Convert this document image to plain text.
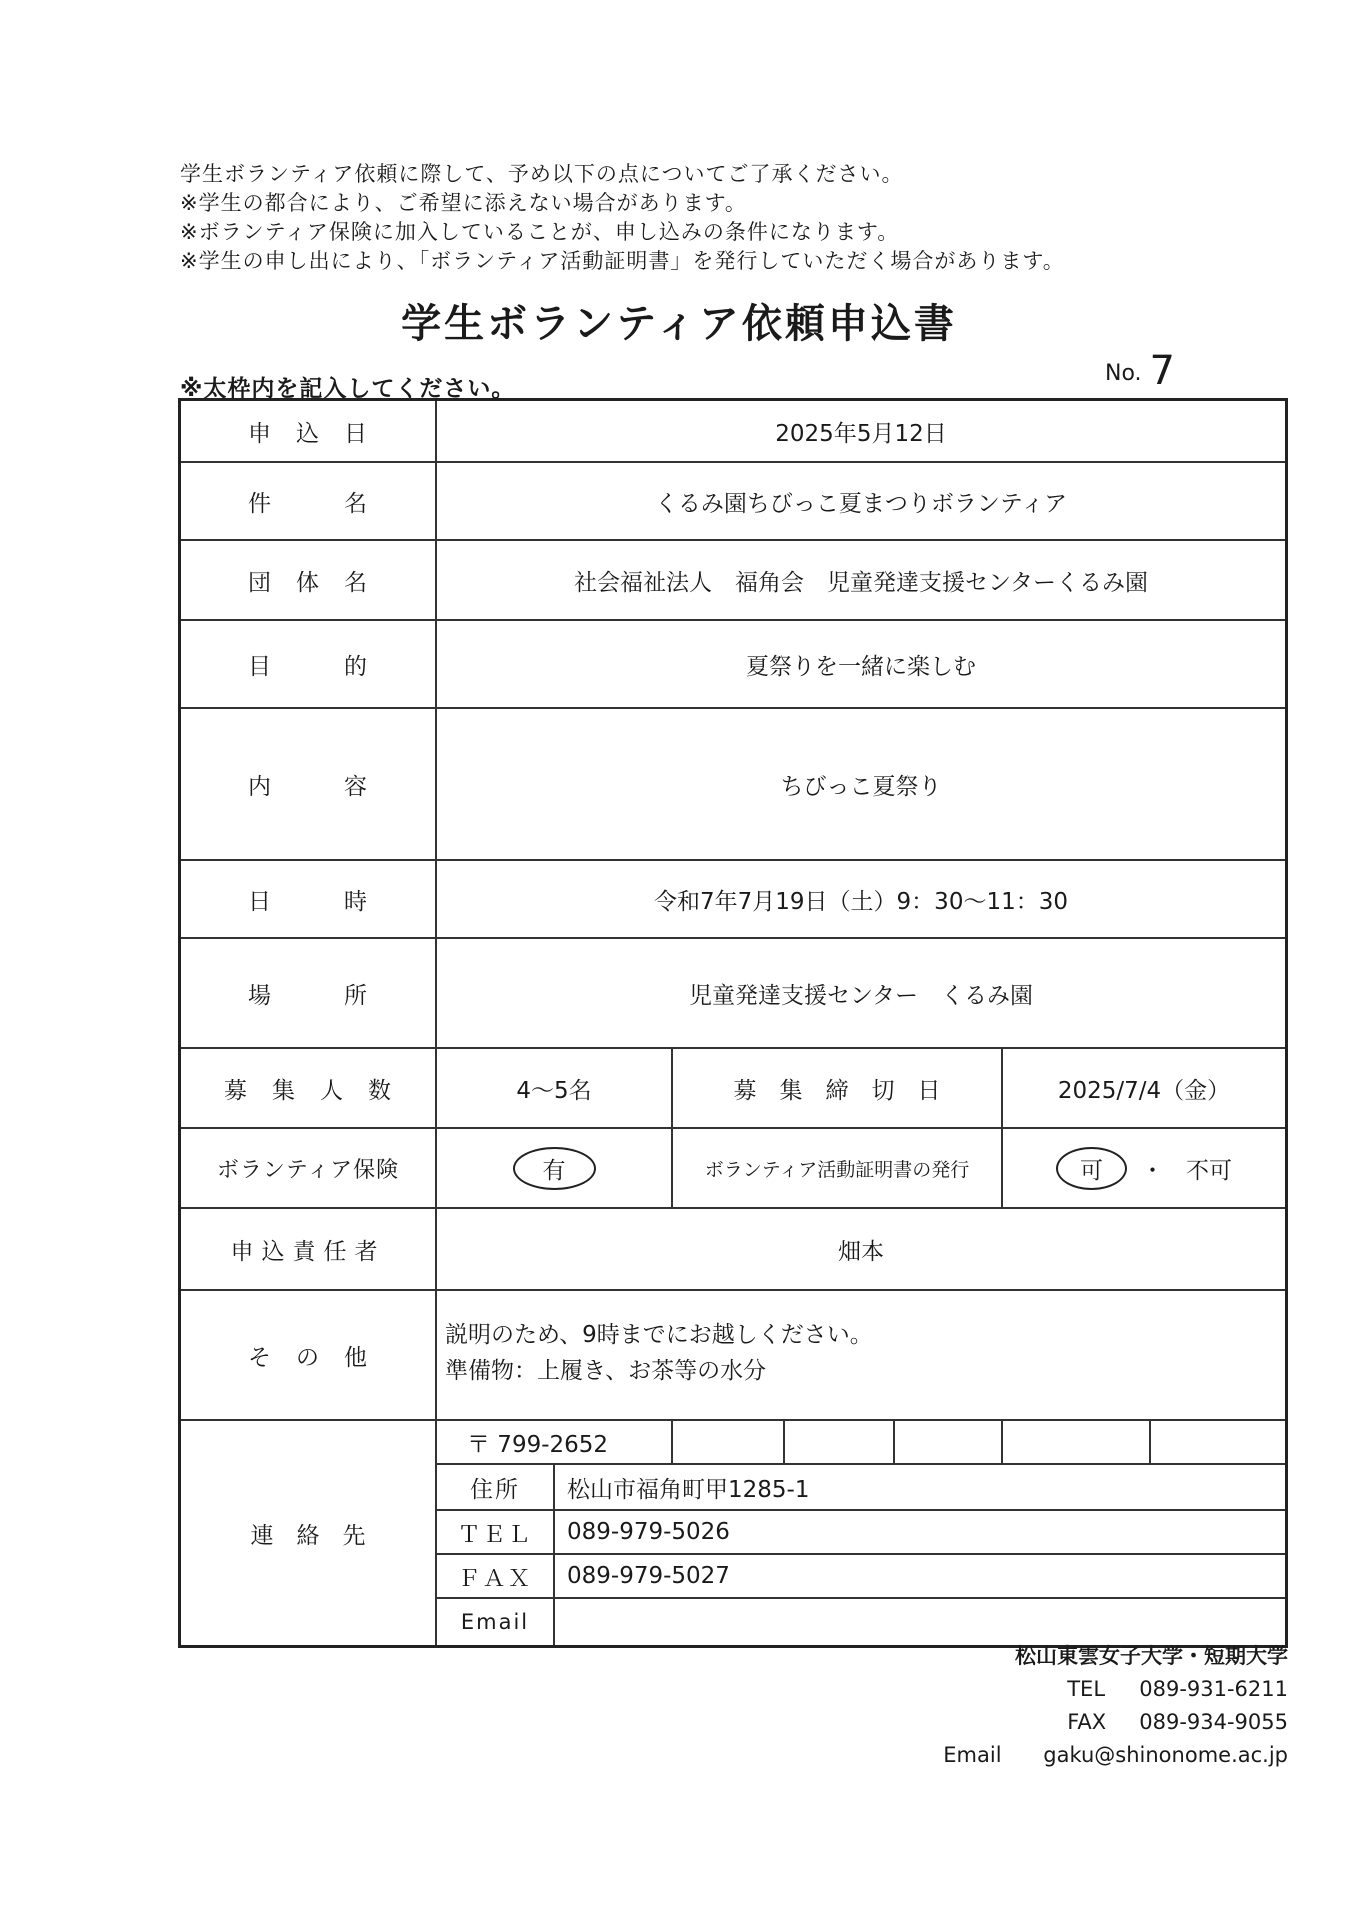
学生ボランティア依頼に際して、予め以下の点についてご了承ください。
※学生の都合により、ご希望に添えない場合があります。
※ボランティア保険に加入していることが、申し込みの条件になります。
※学生の申し出により、「ボランティア活動証明書」を発行していただく場合があります。
学生ボランティア依頼申込書
※太枠内を記入してください。
No. 7
申　込　日	2025年5月12日
件　　　名	くるみ園ちびっこ夏まつりボランティア
団　体　名	社会福祉法人　福角会　児童発達支援センターくるみ園
目　　　的	夏祭りを一緒に楽しむ
内　　　容	ちびっこ夏祭り
日　　　時	令和7年7月19日（土）9：30〜11：30
場　　　所	児童発達支援センター　くるみ園
募　集　人　数	4〜5名	募　集　締　切　日	2025/7/4（金）
ボランティア保険	有	ボランティア活動証明書の発行	可	・ 不可
申込責任者	畑本
そ　の　他
説明のため、9時までにお越しください。
準備物：上履き、お茶等の水分
連　絡　先
〒 799-2652
住所	松山市福角町甲1285-1
ＴＥＬ	089-979-5026
ＦＡＸ	089-979-5027
Email
松山東雲女子大学・短期大学
TEL 089-931-6211
FAX 089-934-9055
Email gaku@shinonome.ac.jp
